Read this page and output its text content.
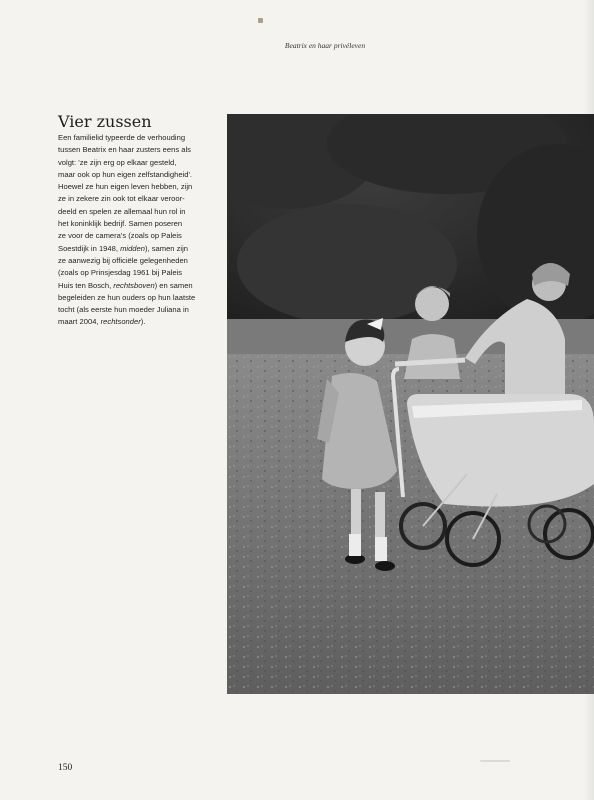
Beatrix en haar privéleven
Vier zussen

Een familielid typeerde de verhouding
tussen Beatrix en haar zusters eens als
volgt: 'ze zijn erg op elkaar gesteld,
maar ook op hun eigen zelfstandigheid'.
Hoewel ze hun eigen leven hebben, zijn
ze in zekere zin ook tot elkaar veroor-
deeld en spelen ze allemaal hun rol in
het koninklijk bedrijf. Samen poseren
ze voor de camera's (zoals op Paleis
Soestdijk in 1948, midden), samen zijn
ze aanwezig bij officiële gelegenheden
(zoals op Prinsjesdag 1961 bij Paleis
Huis ten Bosch, rechtsboven) en samen
begeleiden ze hun ouders op hun laatste
tocht (als eerste hun moeder Juliana in
maart 2004, rechtsonder).

150
